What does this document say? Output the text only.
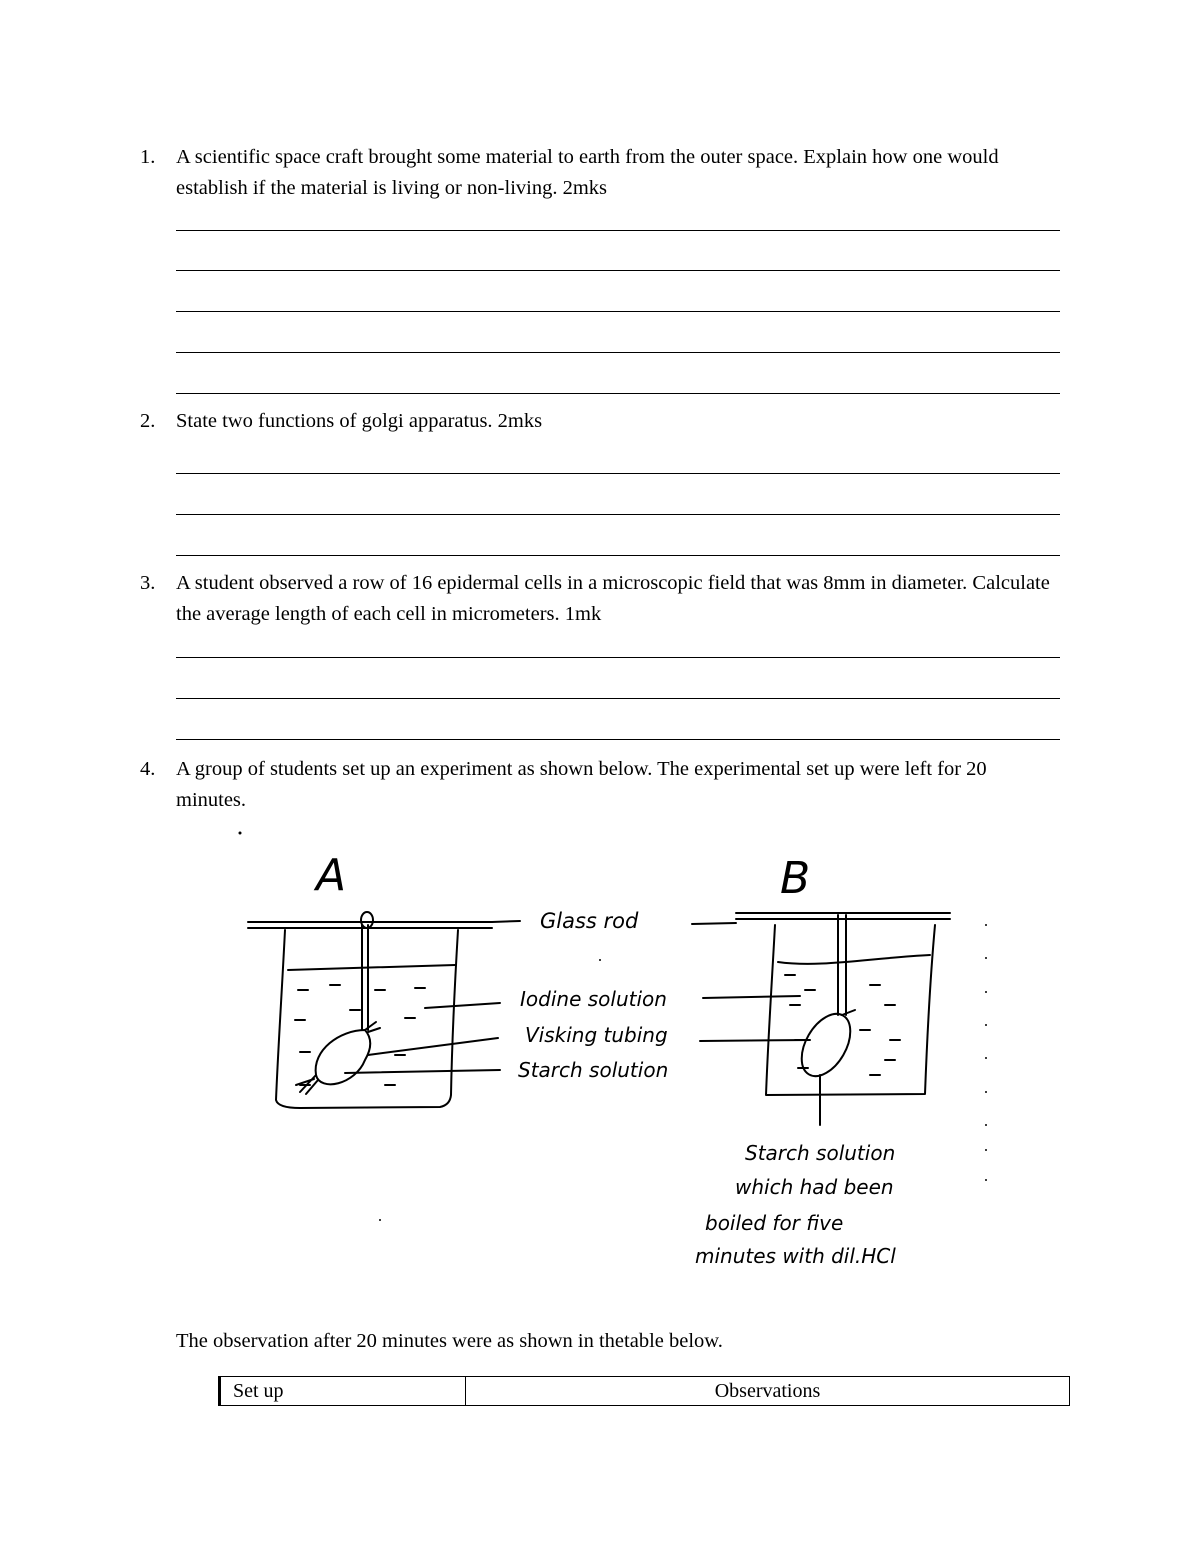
1. A scientific space craft brought some material to earth from the outer space. Explain how one would establish if the material is living or non-living. 2mks
2. State two functions of golgi apparatus. 2mks
3. A student observed a row of 16 epidermal cells in a microscopic field that was 8mm in diameter. Calculate the average length of each cell in micrometers. 1mk
4. A group of students set up an experiment as shown below. The experimental set up were left for 20 minutes.
A	B
Glass rod
Iodine solution
Visking tubing
Starch solution
Starch solution
which had been
boiled for five
minutes with dil.HCl
The observation after 20 minutes were as shown in thetable below.
Set up	Observations
